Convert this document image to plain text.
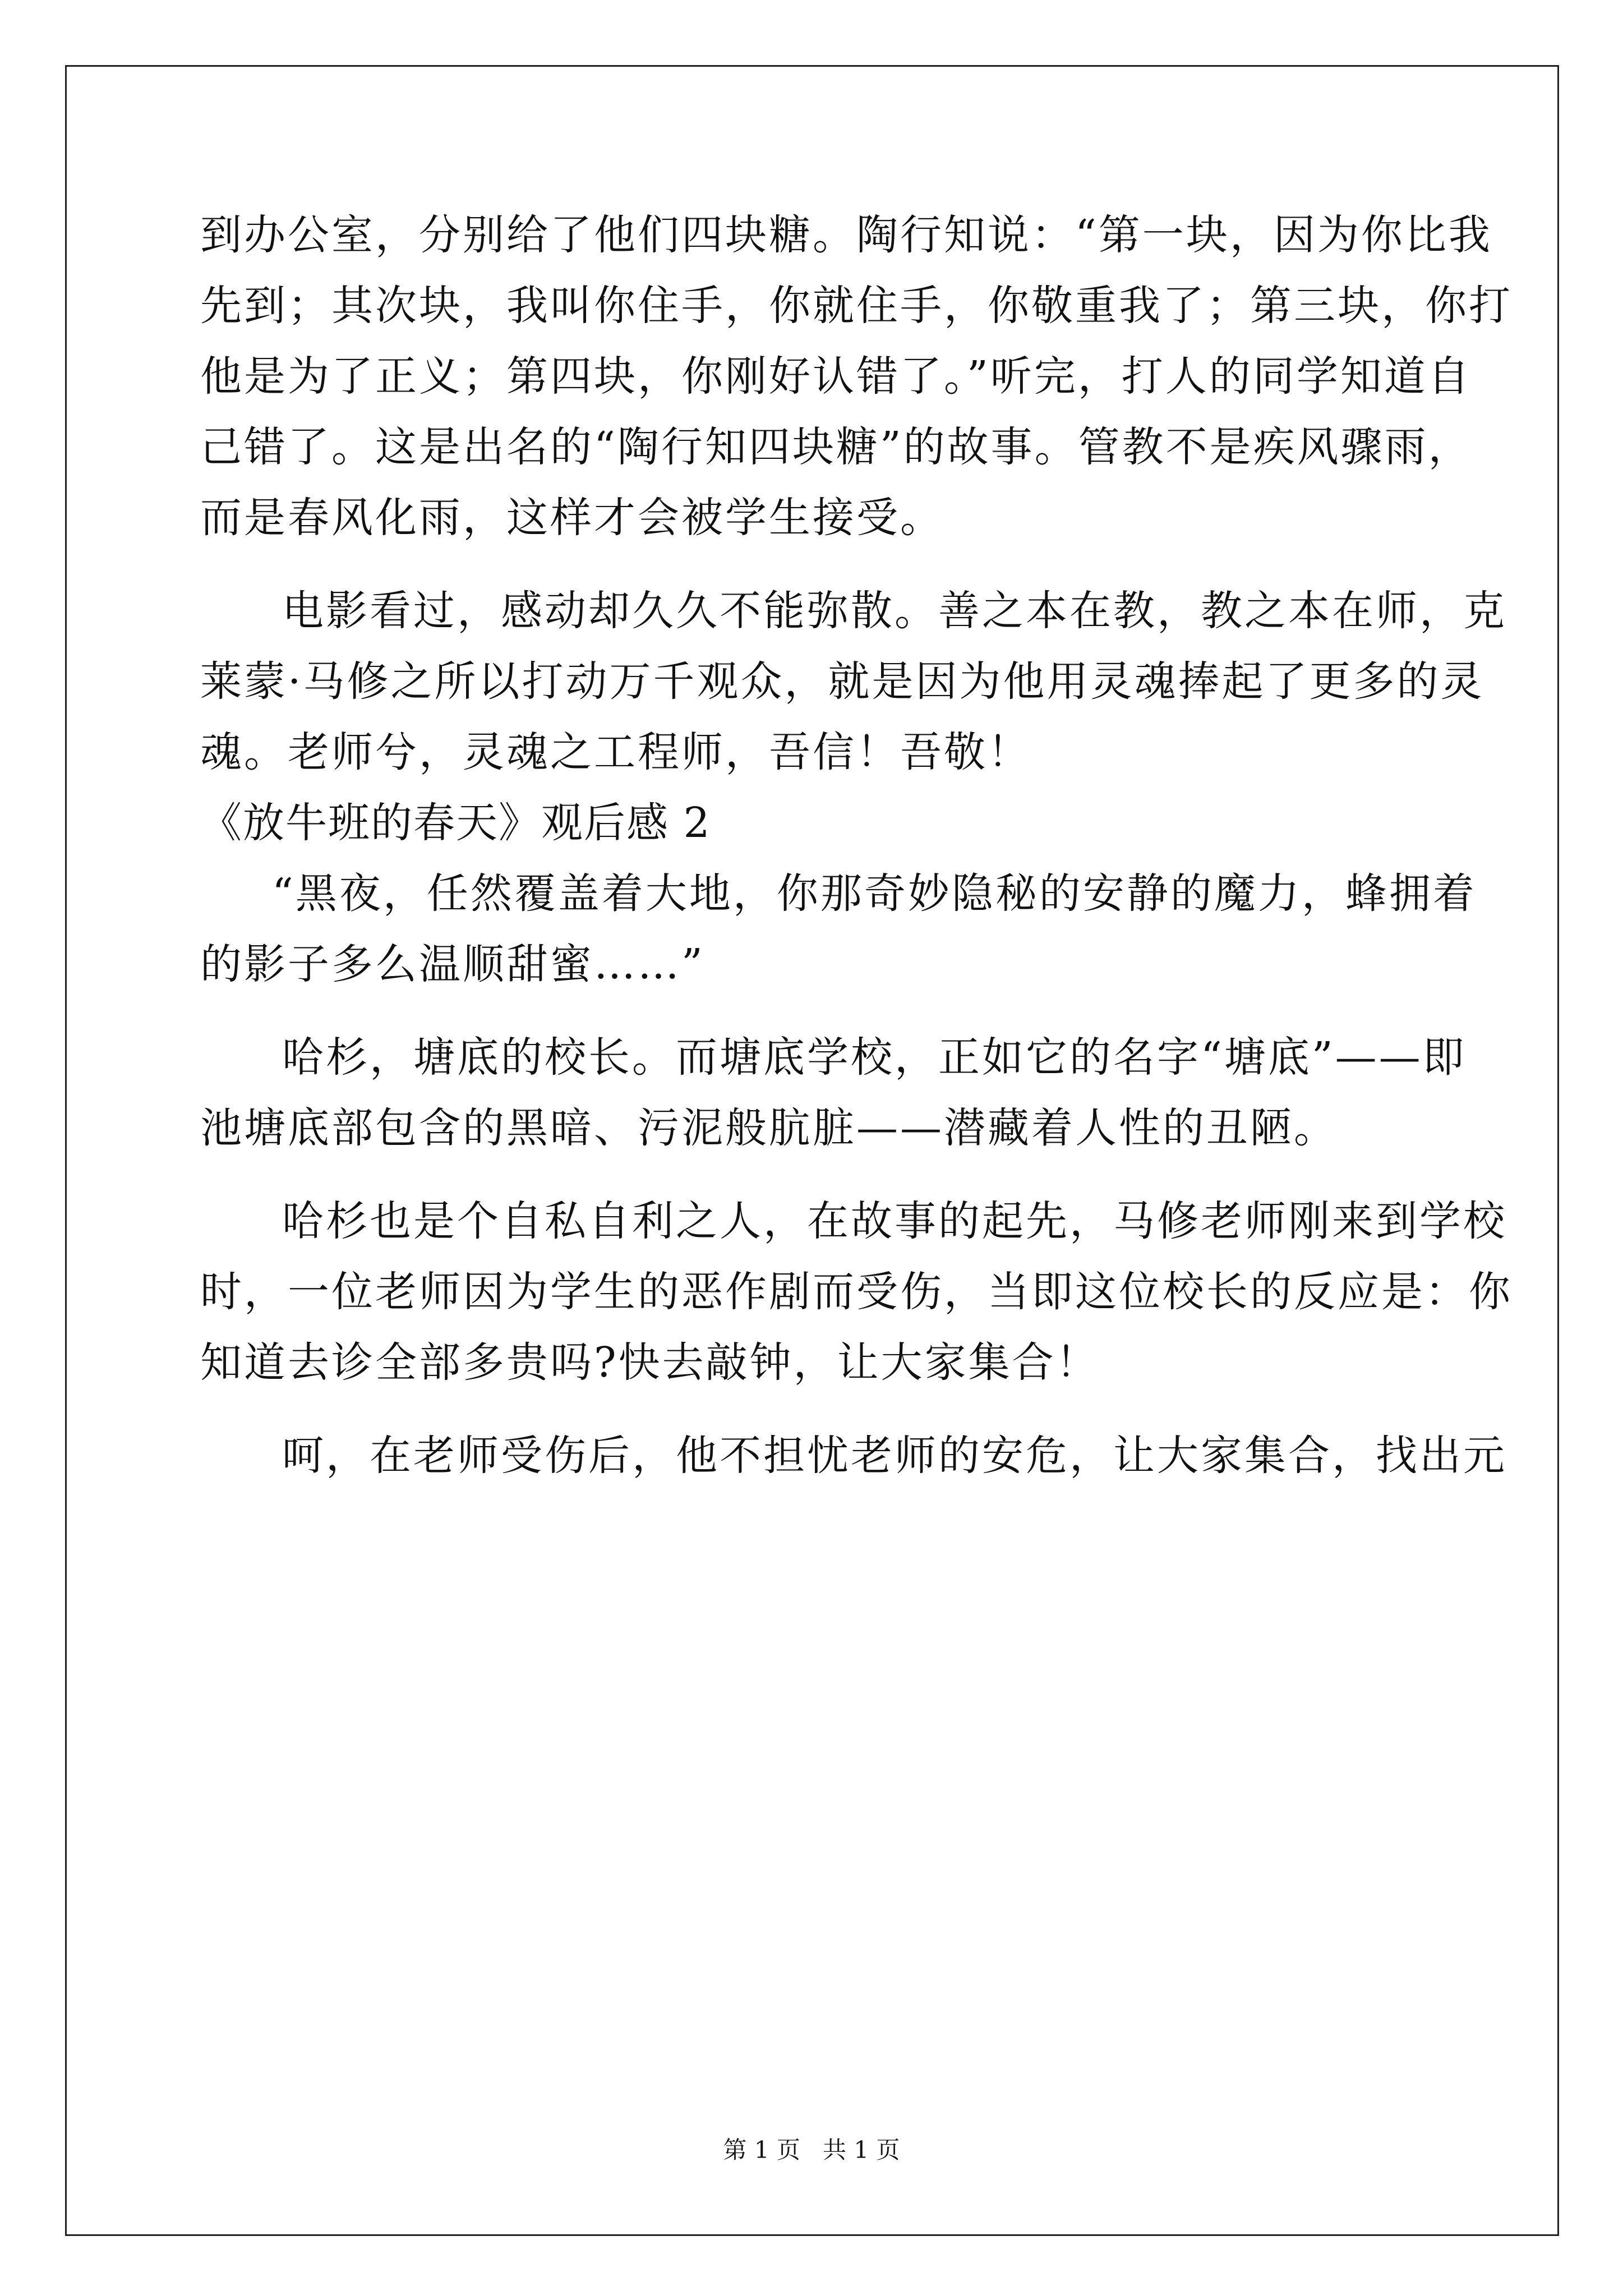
到办公室，分别给了他们四块糖。陶行知说：“第一块，因为你比我
先到；其次块，我叫你住手，你就住手，你敬重我了；第三块，你打
他是为了正义；第四块，你刚好认错了。”听完，打人的同学知道自
己错了。这是出名的“陶行知四块糖”的故事。管教不是疾风骤雨，
而是春风化雨，这样才会被学生接受。
电影看过，感动却久久不能弥散。善之本在教，教之本在师，克
莱蒙·马修之所以打动万千观众，就是因为他用灵魂捧起了更多的灵
魂。老师兮，灵魂之工程师，吾信！吾敬！
《放牛班的春天》观后感 2
“黑夜，任然覆盖着大地，你那奇妙隐秘的安静的魔力，蜂拥着
的影子多么温顺甜蜜……”
哈杉，塘底的校长。而塘底学校，正如它的名字“塘底”——即
池塘底部包含的黑暗、污泥般肮脏——潜藏着人性的丑陋。
哈杉也是个自私自利之人，在故事的起先，马修老师刚来到学校
时，一位老师因为学生的恶作剧而受伤，当即这位校长的反应是：你
知道去诊全部多贵吗?快去敲钟，让大家集合！
呵，在老师受伤后，他不担忧老师的安危，让大家集合，找出元
第 1 页 共 1 页
